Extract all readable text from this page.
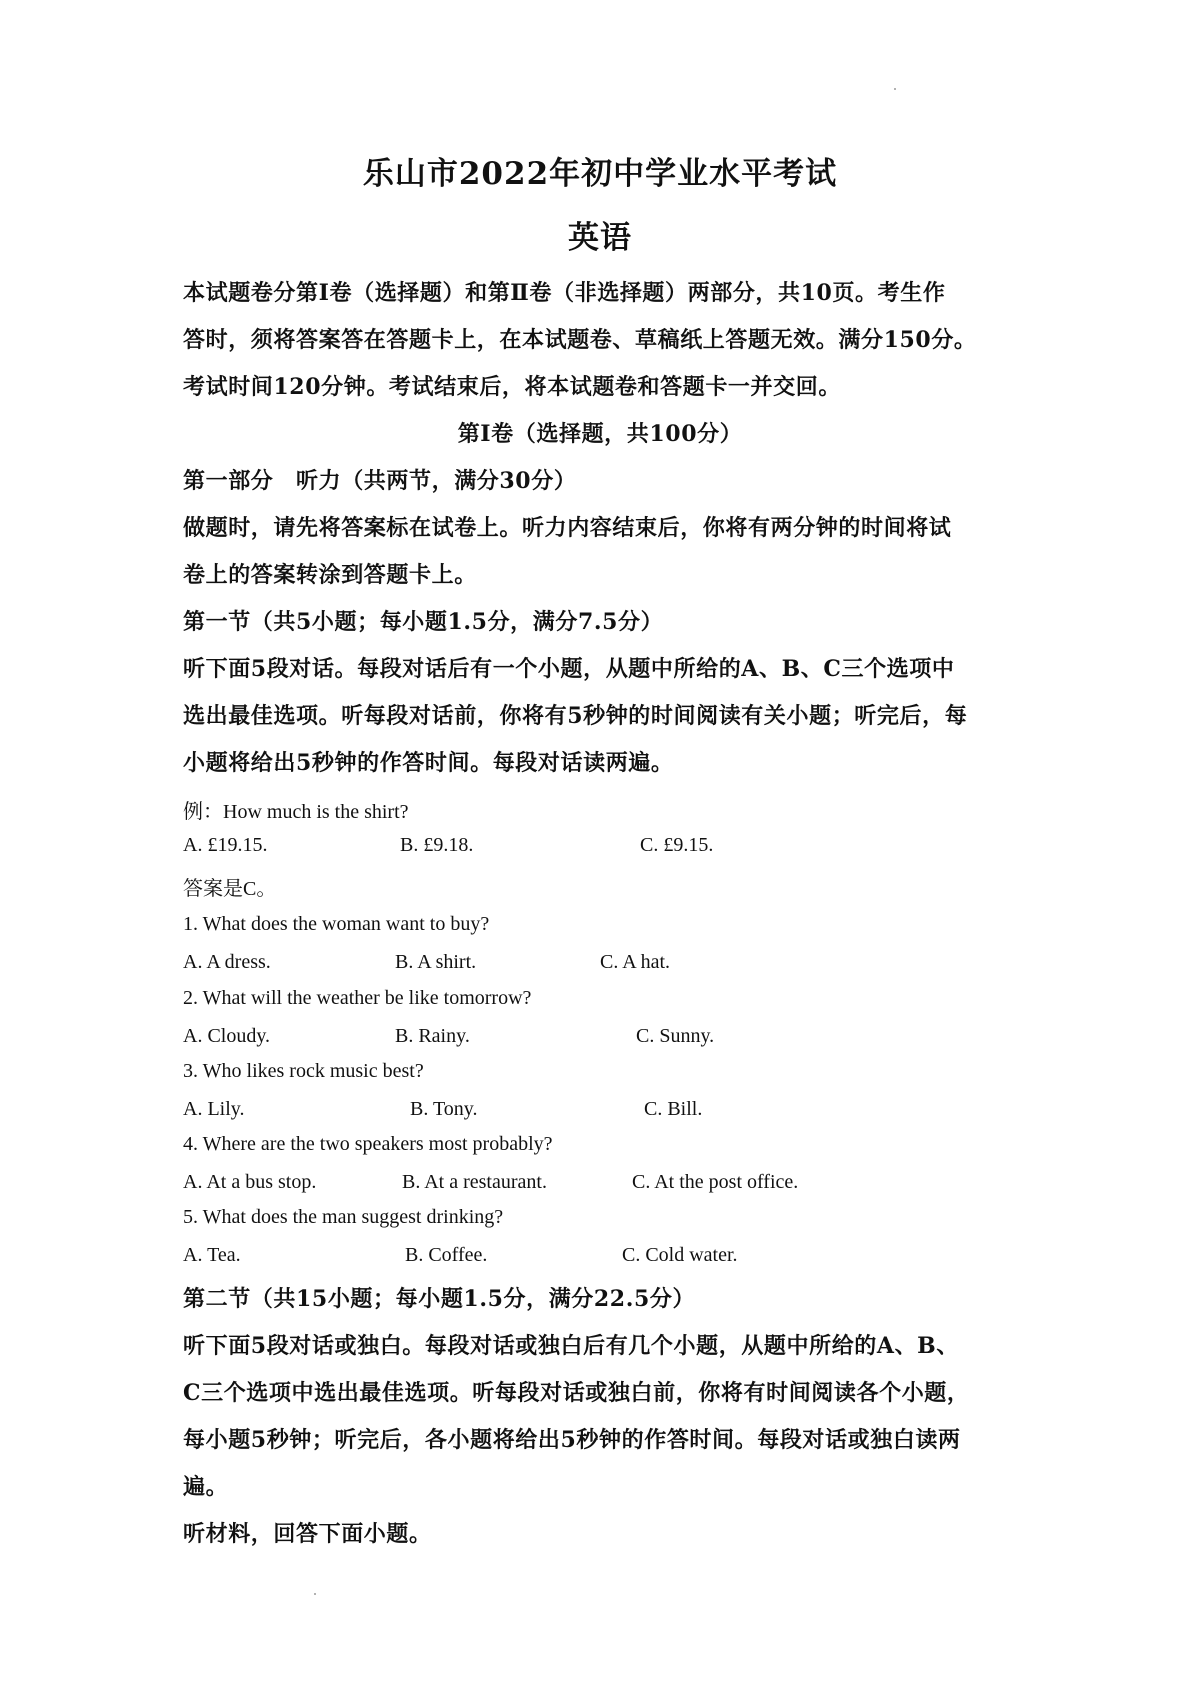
乐山市2022年初中学业水平考试
英语
本试题卷分第Ⅰ卷（选择题）和第Ⅱ卷（非选择题）两部分，共10页。考生作
答时，须将答案答在答题卡上，在本试题卷、草稿纸上答题无效。满分150分。
考试时间120分钟。考试结束后，将本试题卷和答题卡一并交回。
第Ⅰ卷（选择题，共100分）
第一部分　听力（共两节，满分30分）
做题时，请先将答案标在试卷上。听力内容结束后，你将有两分钟的时间将试
卷上的答案转涂到答题卡上。
第一节（共5小题；每小题1.5分，满分7.5分）
听下面5段对话。每段对话后有一个小题，从题中所给的A、B、C三个选项中
选出最佳选项。听每段对话前，你将有5秒钟的时间阅读有关小题；听完后，每
小题将给出5秒钟的作答时间。每段对话读两遍。
例：How much is the shirt?
A. £19.15.	B. £9.18.	C. £9.15.
答案是C。
1. What does the woman want to buy?
A. A dress.	B. A shirt.	C. A hat.
2. What will the weather be like tomorrow?
A. Cloudy.	B. Rainy.	C. Sunny.
3. Who likes rock music best?
A. Lily.	B. Tony.	C. Bill.
4. Where are the two speakers most probably?
A. At a bus stop.	B. At a restaurant.	C. At the post office.
5. What does the man suggest drinking?
A. Tea.	B. Coffee.	C. Cold water.
第二节（共15小题；每小题1.5分，满分22.5分）
听下面5段对话或独白。每段对话或独白后有几个小题，从题中所给的A、B、
C三个选项中选出最佳选项。听每段对话或独白前，你将有时间阅读各个小题，
每小题5秒钟；听完后，各小题将给出5秒钟的作答时间。每段对话或独白读两
遍。
听材料，回答下面小题。
